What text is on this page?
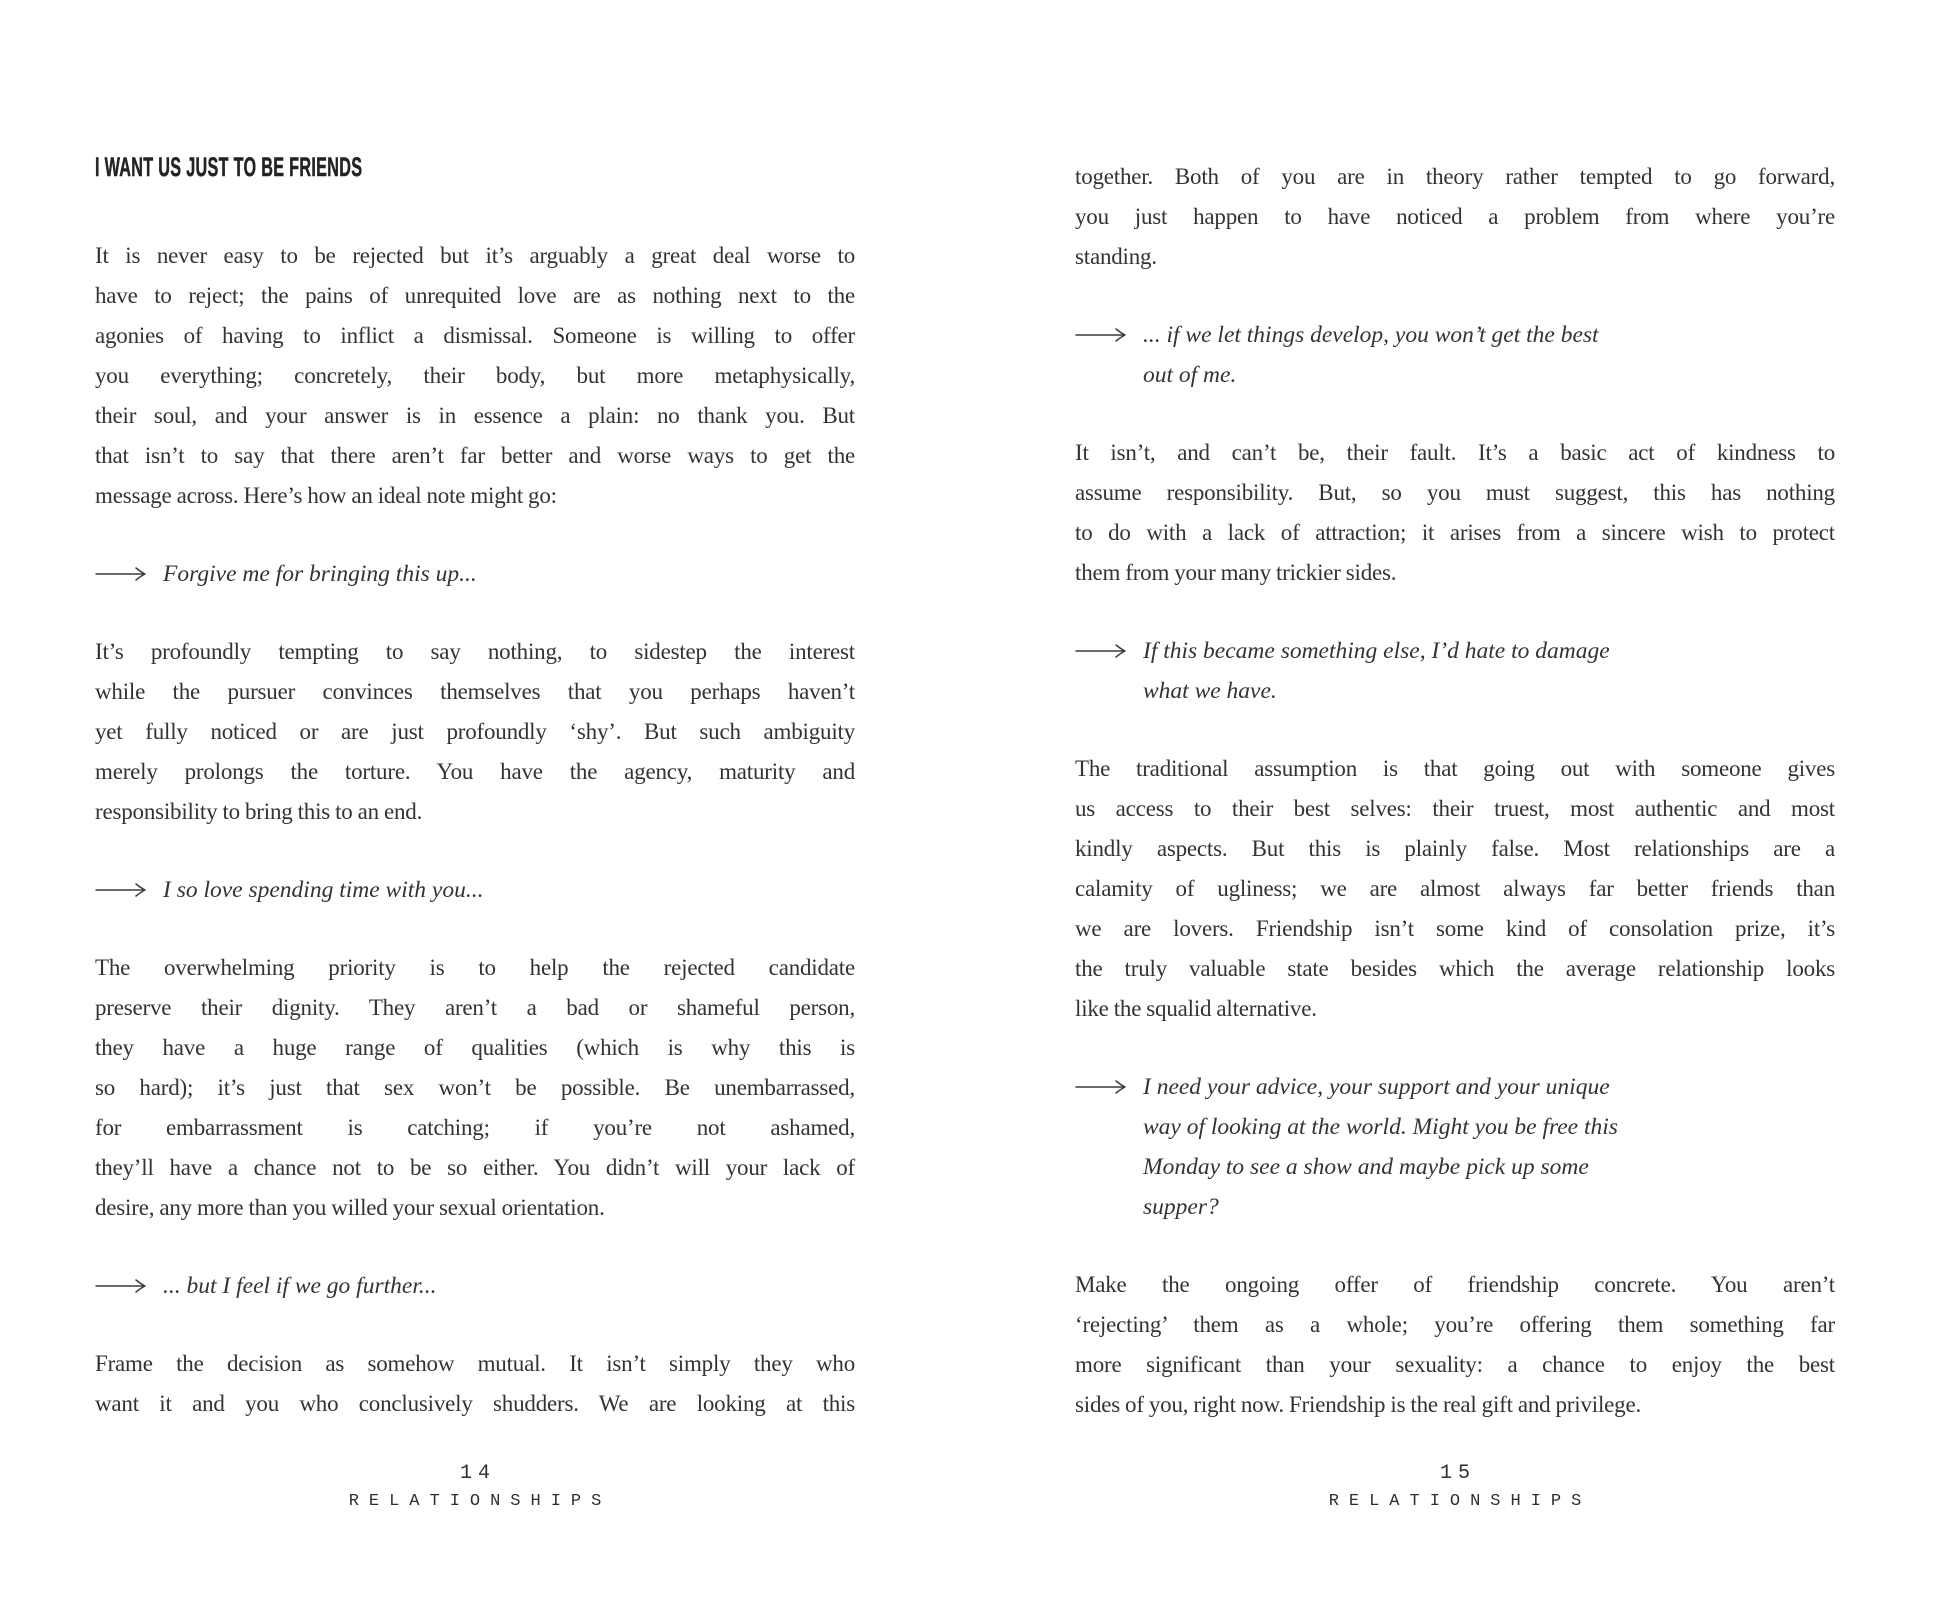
I WANT US JUST TO BE FRIENDS

It is never easy to be rejected but it’s arguably a great deal worse to
have to reject; the pains of unrequited love are as nothing next to the
agonies of having to inflict a dismissal. Someone is willing to offer
you everything; concretely, their body, but more metaphysically,
their soul, and your answer is in essence a plain: no thank you. But
that isn’t to say that there aren’t far better and worse ways to get the
message across. Here’s how an ideal note might go:

Forgive me for bringing this up...

It’s profoundly tempting to say nothing, to sidestep the interest
while the pursuer convinces themselves that you perhaps haven’t
yet fully noticed or are just profoundly ‘shy’. But such ambiguity
merely prolongs the torture. You have the agency, maturity and
responsibility to bring this to an end.

I so love spending time with you...

The overwhelming priority is to help the rejected candidate
preserve their dignity. They aren’t a bad or shameful person,
they have a huge range of qualities (which is why this is
so hard); it’s just that sex won’t be possible. Be unembarrassed,
for embarrassment is catching; if you’re not ashamed,
they’ll have a chance not to be so either. You didn’t will your lack of
desire, any more than you willed your sexual orientation.

... but I feel if we go further...

Frame the decision as somehow mutual. It isn’t simply they who
want it and you who conclusively shudders. We are looking at this

14
RELATIONSHIPS

together. Both of you are in theory rather tempted to go forward,
you just happen to have noticed a problem from where you’re
standing.

... if we let things develop, you won’t get the best
out of me.

It isn’t, and can’t be, their fault. It’s a basic act of kindness to
assume responsibility. But, so you must suggest, this has nothing
to do with a lack of attraction; it arises from a sincere wish to protect
them from your many trickier sides.

If this became something else, I’d hate to damage
what we have.

The traditional assumption is that going out with someone gives
us access to their best selves: their truest, most authentic and most
kindly aspects. But this is plainly false. Most relationships are a
calamity of ugliness; we are almost always far better friends than
we are lovers. Friendship isn’t some kind of consolation prize, it’s
the truly valuable state besides which the average relationship looks
like the squalid alternative.

I need your advice, your support and your unique
way of looking at the world. Might you be free this
Monday to see a show and maybe pick up some
supper?

Make the ongoing offer of friendship concrete. You aren’t
‘rejecting’ them as a whole; you’re offering them something far
more significant than your sexuality: a chance to enjoy the best
sides of you, right now. Friendship is the real gift and privilege.

15
RELATIONSHIPS
